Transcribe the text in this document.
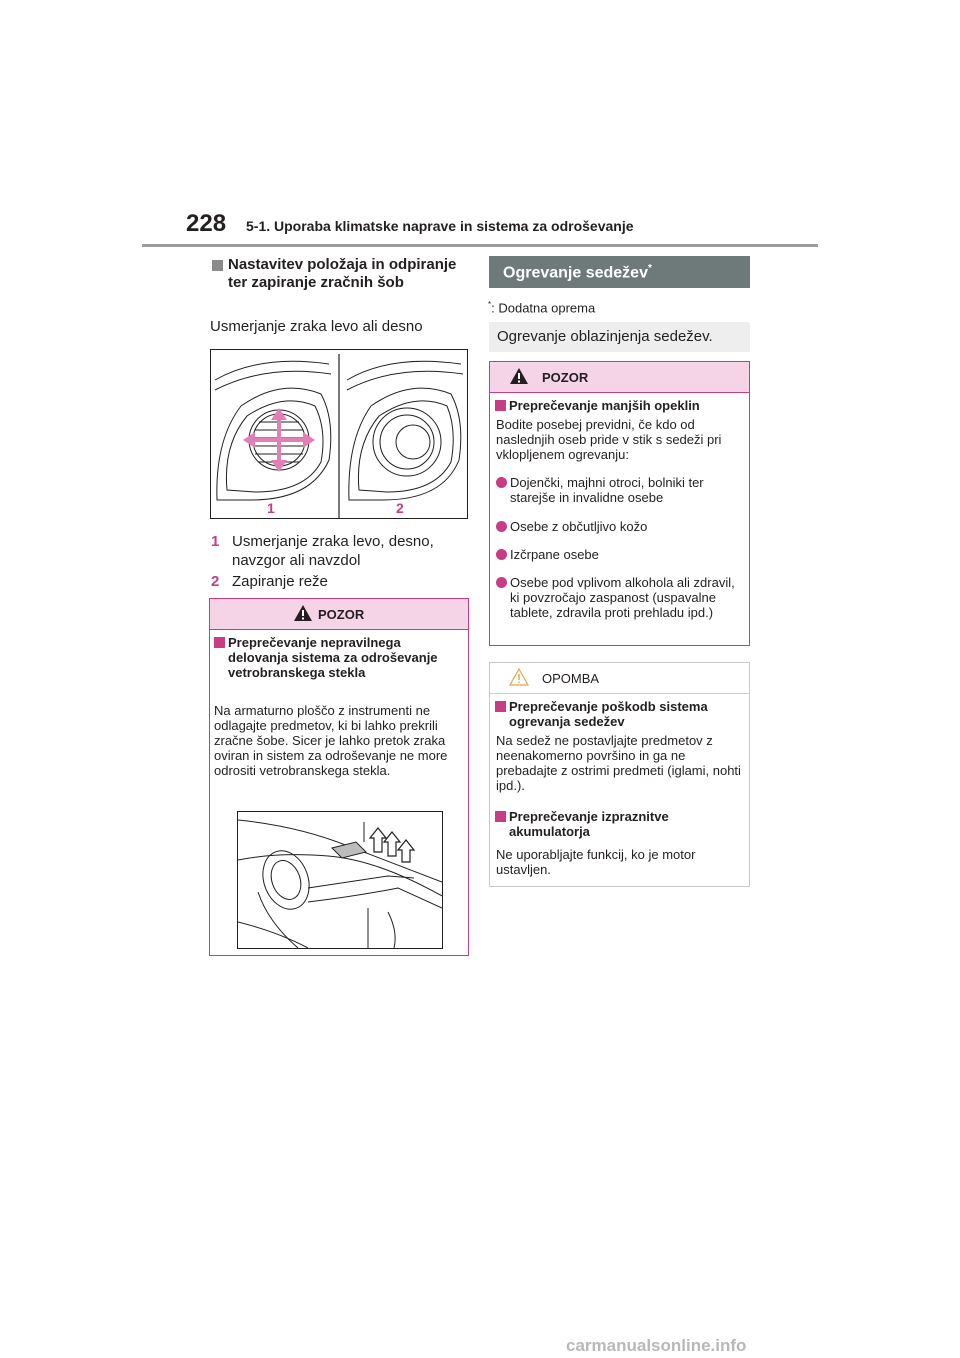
228 5-1. Uporaba klimatske naprave in sistema za odroševanje
Nastavitev položaja in odpiranje ter zapiranje zračnih šob
Usmerjanje zraka levo ali desno
1	2
1 Usmerjanje zraka levo, desno, navzgor ali navzdol
2 Zapiranje reže
POZOR
Preprečevanje nepravilnega delovanja sistema za odroševanje vetrobranskega stekla
Na armaturno ploščo z instrumenti ne odlagajte predmetov, ki bi lahko prekrili zračne šobe. Sicer je lahko pretok zraka oviran in sistem za odroševanje ne more odrositi vetrobranskega stekla.
Ogrevanje sedežev*
*: Dodatna oprema
Ogrevanje oblazinjenja sedežev.
POZOR
Preprečevanje manjših opeklin
Bodite posebej previdni, če kdo od naslednjih oseb pride v stik s sedeži pri vklopljenem ogrevanju:
Dojenčki, majhni otroci, bolniki ter starejše in invalidne osebe
Osebe z občutljivo kožo
Izčrpane osebe
Osebe pod vplivom alkohola ali zdravil, ki povzročajo zaspanost (uspavalne tablete, zdravila proti prehladu ipd.)
OPOMBA
Preprečevanje poškodb sistema ogrevanja sedežev
Na sedež ne postavljajte predmetov z neenakomerno površino in ga ne prebadajte z ostrimi predmeti (iglami, nohti ipd.).
Preprečevanje izpraznitve akumulatorja
Ne uporabljajte funkcij, ko je motor ustavljen.
carmanualsonline.info
